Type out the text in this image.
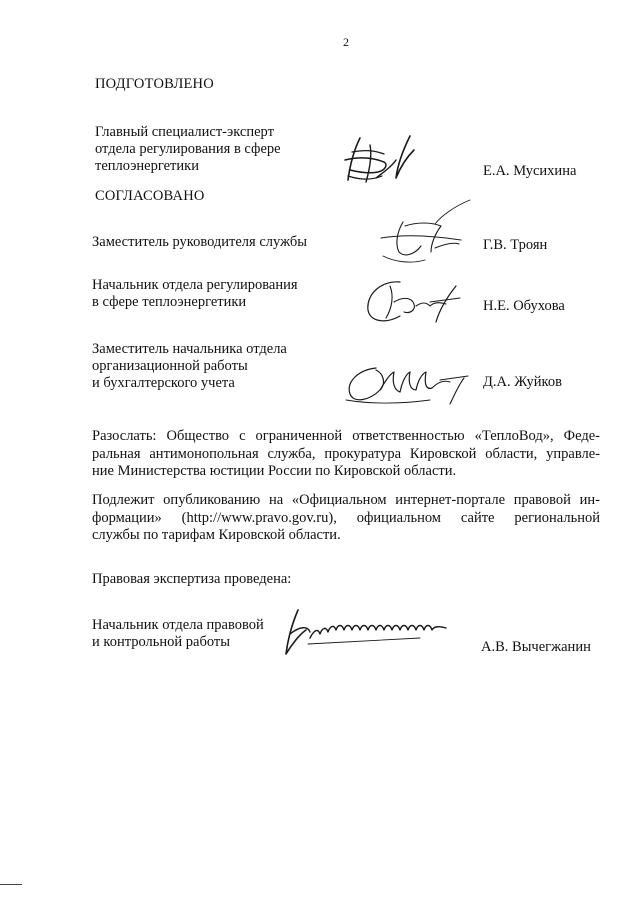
2
ПОДГОТОВЛЕНО
Главный специалист-эксперт
отдела регулирования в сфере
теплоэнергетики	Е.А. Мусихина
СОГЛАСОВАНО
Заместитель руководителя службы	Г.В. Троян
Начальник отдела регулирования
в сфере теплоэнергетики	Н.Е. Обухова
Заместитель начальника отдела
организационной работы
и бухгалтерского учета	Д.А. Жуйков
Разослать: Общество с ограниченной ответственностью «ТеплоВод», Феде-
ральная антимонопольная служба, прокуратура Кировской области, управле-
ние Министерства юстиции России по Кировской области.
Подлежит опубликованию на «Официальном интернет-портале правовой ин-
формации» (http://www.pravo.gov.ru), официальном сайте региональной
службы по тарифам Кировской области.
Правовая экспертиза проведена:
Начальник отдела правовой
и контрольной работы	А.В. Вычегжанин
